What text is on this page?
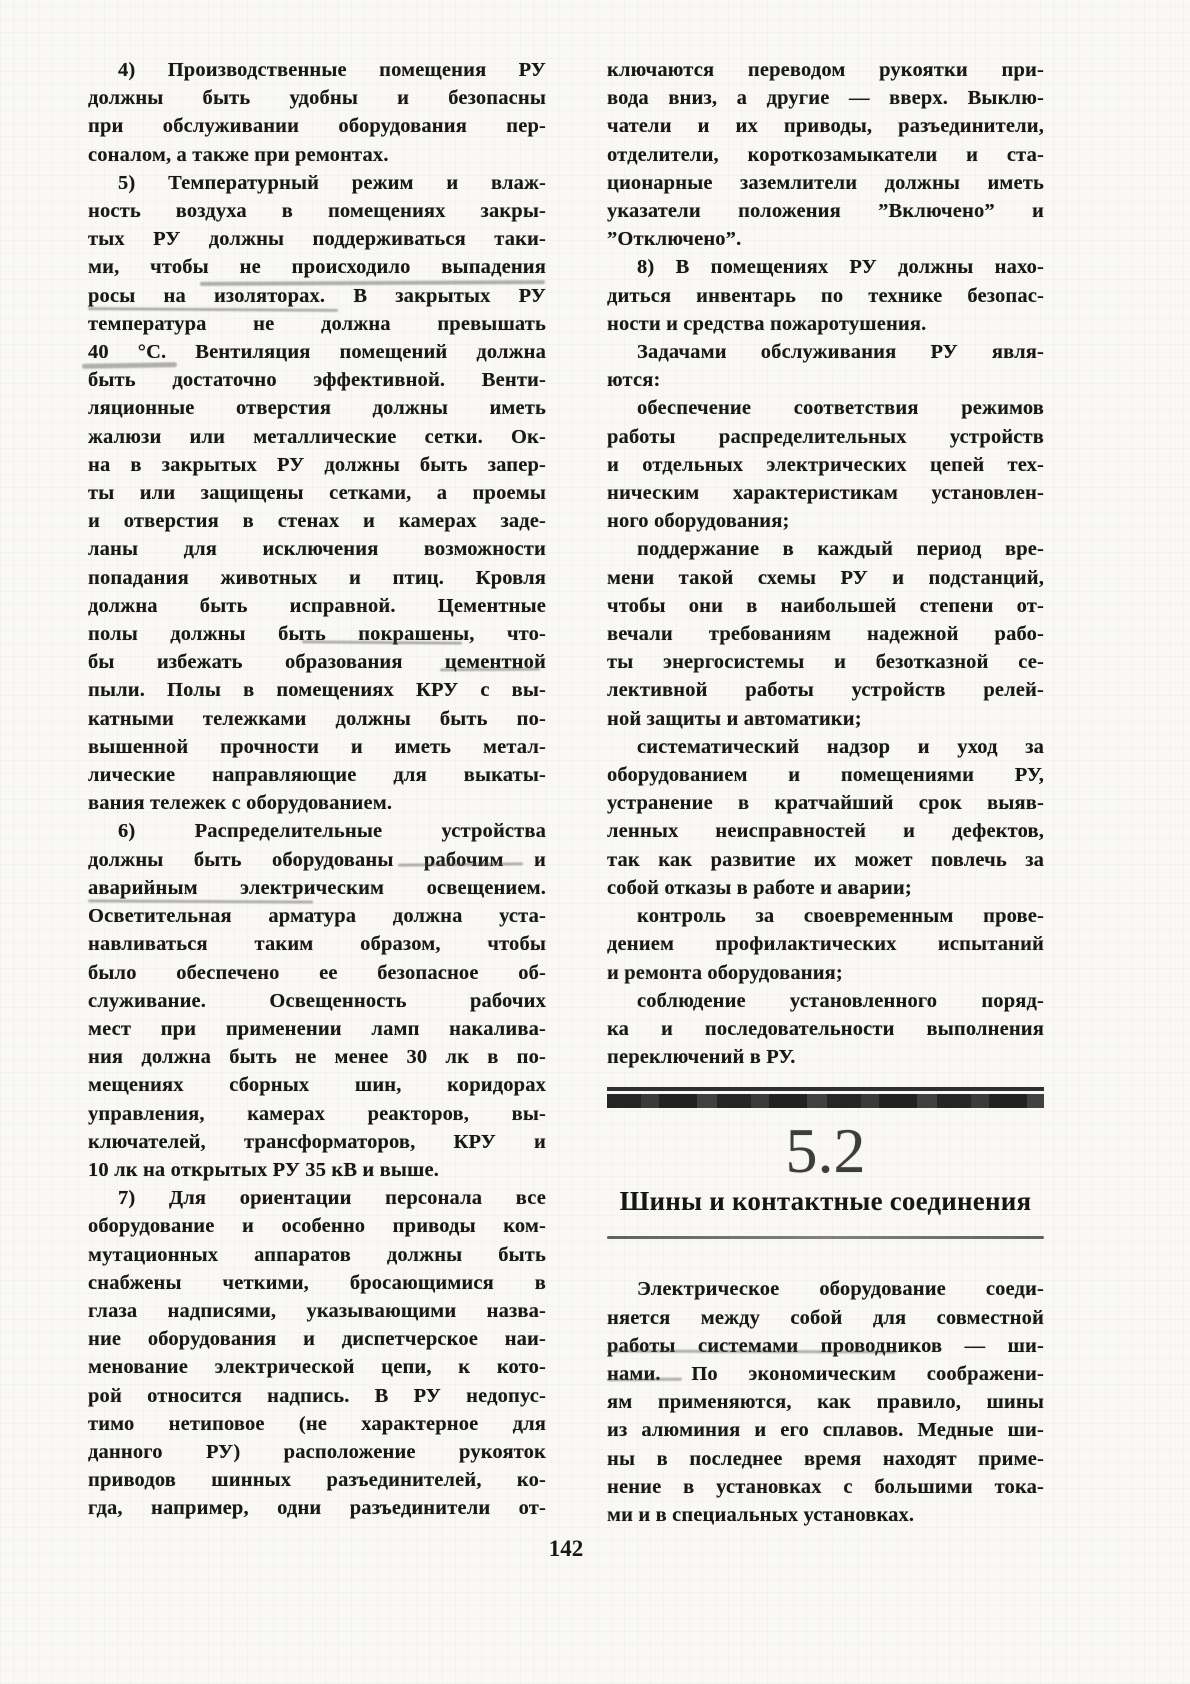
4) Производственные помещения РУ
должны быть удобны и безопасны
при обслуживании оборудования пер-
соналом, а также при ремонтах.
5) Температурный режим и влаж-
ность воздуха в помещениях закры-
тых РУ должны поддерживаться таки-
ми, чтобы не происходило выпадения
росы на изоляторах. В закрытых РУ
температура не должна превышать
40 °С. Вентиляция помещений должна
быть достаточно эффективной. Венти-
ляционные отверстия должны иметь
жалюзи или металлические сетки. Ок-
на в закрытых РУ должны быть запер-
ты или защищены сетками, а проемы
и отверстия в стенах и камерах заде-
ланы для исключения возможности
попадания животных и птиц. Кровля
должна быть исправной. Цементные
полы должны быть покрашены, что-
бы избежать образования цементной
пыли. Полы в помещениях КРУ с вы-
катными тележками должны быть по-
вышенной прочности и иметь метал-
лические направляющие для выкаты-
вания тележек с оборудованием.
6) Распределительные устройства
должны быть оборудованы рабочим и
аварийным электрическим освещением.
Осветительная арматура должна уста-
навливаться таким образом, чтобы
было обеспечено ее безопасное об-
служивание. Освещенность рабочих
мест при применении ламп накалива-
ния должна быть не менее 30 лк в по-
мещениях сборных шин, коридорах
управления, камерах реакторов, вы-
ключателей, трансформаторов, КРУ и
10 лк на открытых РУ 35 кВ и выше.
7) Для ориентации персонала все
оборудование и особенно приводы ком-
мутационных аппаратов должны быть
снабжены четкими, бросающимися в
глаза надписями, указывающими назва-
ние оборудования и диспетчерское наи-
менование электрической цепи, к кото-
рой относится надпись. В РУ недопус-
тимо нетиповое (не характерное для
данного РУ) расположение рукояток
приводов шинных разъединителей, ко-
гда, например, одни разъединители от-
ключаются переводом рукоятки при-
вода вниз, а другие — вверх. Выклю-
чатели и их приводы, разъединители,
отделители, короткозамыкатели и ста-
ционарные заземлители должны иметь
указатели положения ”Включено” и
”Отключено”.
8) В помещениях РУ должны нахо-
диться инвентарь по технике безопас-
ности и средства пожаротушения.
Задачами обслуживания РУ явля-
ются:
обеспечение соответствия режимов
работы распределительных устройств
и отдельных электрических цепей тех-
ническим характеристикам установлен-
ного оборудования;
поддержание в каждый период вре-
мени такой схемы РУ и подстанций,
чтобы они в наибольшей степени от-
вечали требованиям надежной рабо-
ты энергосистемы и безотказной се-
лективной работы устройств релей-
ной защиты и автоматики;
систематический надзор и уход за
оборудованием и помещениями РУ,
устранение в кратчайший срок выяв-
ленных неисправностей и дефектов,
так как развитие их может повлечь за
собой отказы в работе и аварии;
контроль за своевременным прове-
дением профилактических испытаний
и ремонта оборудования;
соблюдение установленного поряд-
ка и последовательности выполнения
переключений в РУ.
5.2
Шины и контактные соединения
Электрическое оборудование соеди-
няется между собой для совместной
работы системами проводников — ши-
нами. По экономическим соображени-
ям применяются, как правило, шины
из алюминия и его сплавов. Медные ши-
ны в последнее время находят приме-
нение в установках с большими тока-
ми и в специальных установках.
142
